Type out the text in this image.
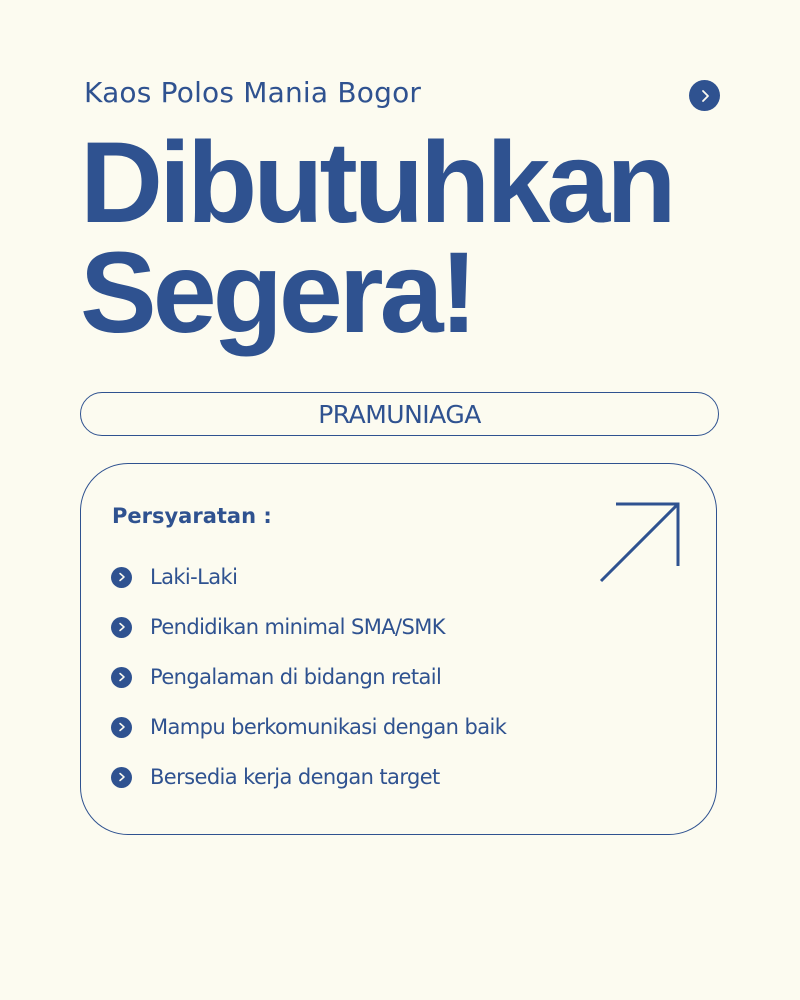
Kaos Polos Mania Bogor
Dibutuhkan
Segera!
PRAMUNIAGA
Persyaratan :
Laki-Laki
Pendidikan minimal SMA/SMK
Pengalaman di bidangn retail
Mampu berkomunikasi dengan baik
Bersedia kerja dengan target
